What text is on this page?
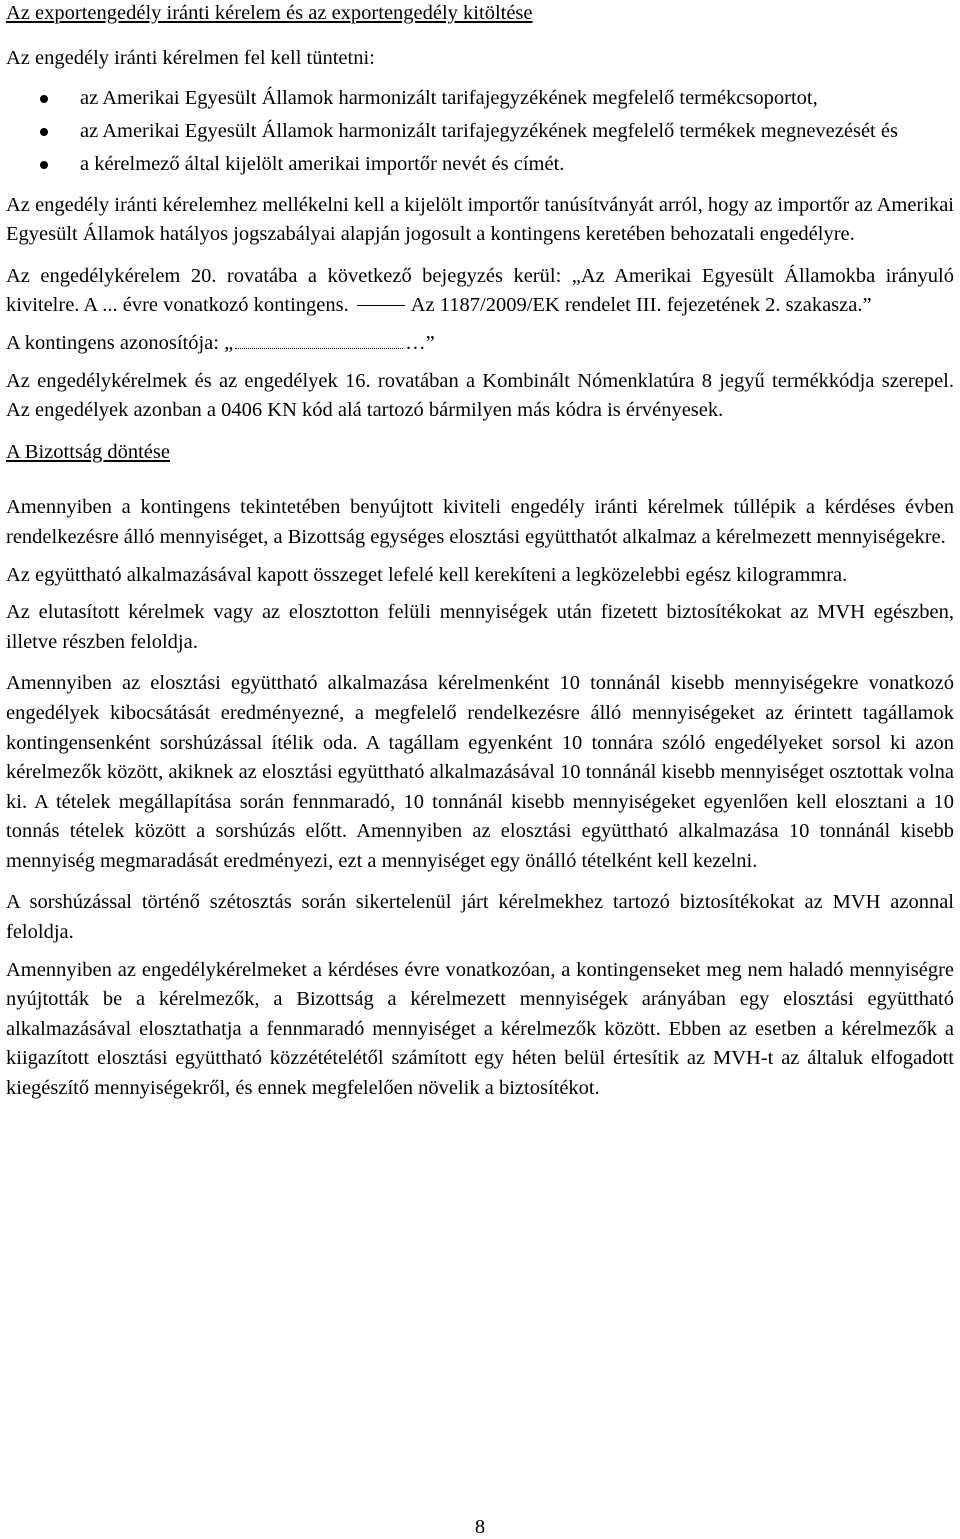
Az exportengedély iránti kérelem és az exportengedély kitöltése

Az engedély iránti kérelmen fel kell tüntetni:

az Amerikai Egyesült Államok harmonizált tarifajegyzékének megfelelő termékcsoportot,
az Amerikai Egyesült Államok harmonizált tarifajegyzékének megfelelő termékek megnevezését és
a kérelmező által kijelölt amerikai importőr nevét és címét.

Az engedély iránti kérelemhez mellékelni kell a kijelölt importőr tanúsítványát arról, hogy az importőr az Amerikai Egyesült Államok hatályos jogszabályai alapján jogosult a kontingens keretében behozatali engedélyre.

Az engedélykérelem 20. rovatába a következő bejegyzés kerül: „Az Amerikai Egyesült Államokba irányuló kivitelre. A ... évre vonatkozó kontingens.	Az 1187/2009/EK rendelet III. fejezetének 2. szakasza.”

A kontingens azonosítója: „	…”

Az engedélykérelmek és az engedélyek 16. rovatában a Kombinált Nómenklatúra 8 jegyű termékkódja szerepel. Az engedélyek azonban a 0406 KN kód alá tartozó bármilyen más kódra is érvényesek.

A Bizottság döntése

Amennyiben a kontingens tekintetében benyújtott kiviteli engedély iránti kérelmek túllépik a kérdéses évben rendelkezésre álló mennyiséget, a Bizottság egységes elosztási együtthatót alkalmaz a kérelmezett mennyiségekre.

Az együttható alkalmazásával kapott összeget lefelé kell kerekíteni a legközelebbi egész kilogrammra.

Az elutasított kérelmek vagy az elosztotton felüli mennyiségek után fizetett biztosítékokat az MVH egészben, illetve részben feloldja.

Amennyiben az elosztási együttható alkalmazása kérelmenként 10 tonnánál kisebb mennyiségekre vonatkozó engedélyek kibocsátását eredményezné, a megfelelő rendelkezésre álló mennyiségeket az érintett tagállamok kontingensenként sorshúzással ítélik oda. A tagállam egyenként 10 tonnára szóló engedélyeket sorsol ki azon kérelmezők között, akiknek az elosztási együttható alkalmazásával 10 tonnánál kisebb mennyiséget osztottak volna ki. A tételek megállapítása során fennmaradó, 10 tonnánál kisebb mennyiségeket egyenlően kell elosztani a 10 tonnás tételek között a sorshúzás előtt. Amennyiben az elosztási együttható alkalmazása 10 tonnánál kisebb mennyiség megmaradását eredményezi, ezt a mennyiséget egy önálló tételként kell kezelni.

A sorshúzással történő szétosztás során sikertelenül járt kérelmekhez tartozó biztosítékokat az MVH azonnal feloldja.

Amennyiben az engedélykérelmeket a kérdéses évre vonatkozóan, a kontingenseket meg nem haladó mennyiségre nyújtották be a kérelmezők, a Bizottság a kérelmezett mennyiségek arányában egy elosztási együttható alkalmazásával elosztathatja a fennmaradó mennyiséget a kérelmezők között. Ebben az esetben a kérelmezők a kiigazított elosztási együttható közzétételétől számított egy héten belül értesítik az MVH-t az általuk elfogadott kiegészítő mennyiségekről, és ennek megfelelően növelik a biztosítékot.

8
